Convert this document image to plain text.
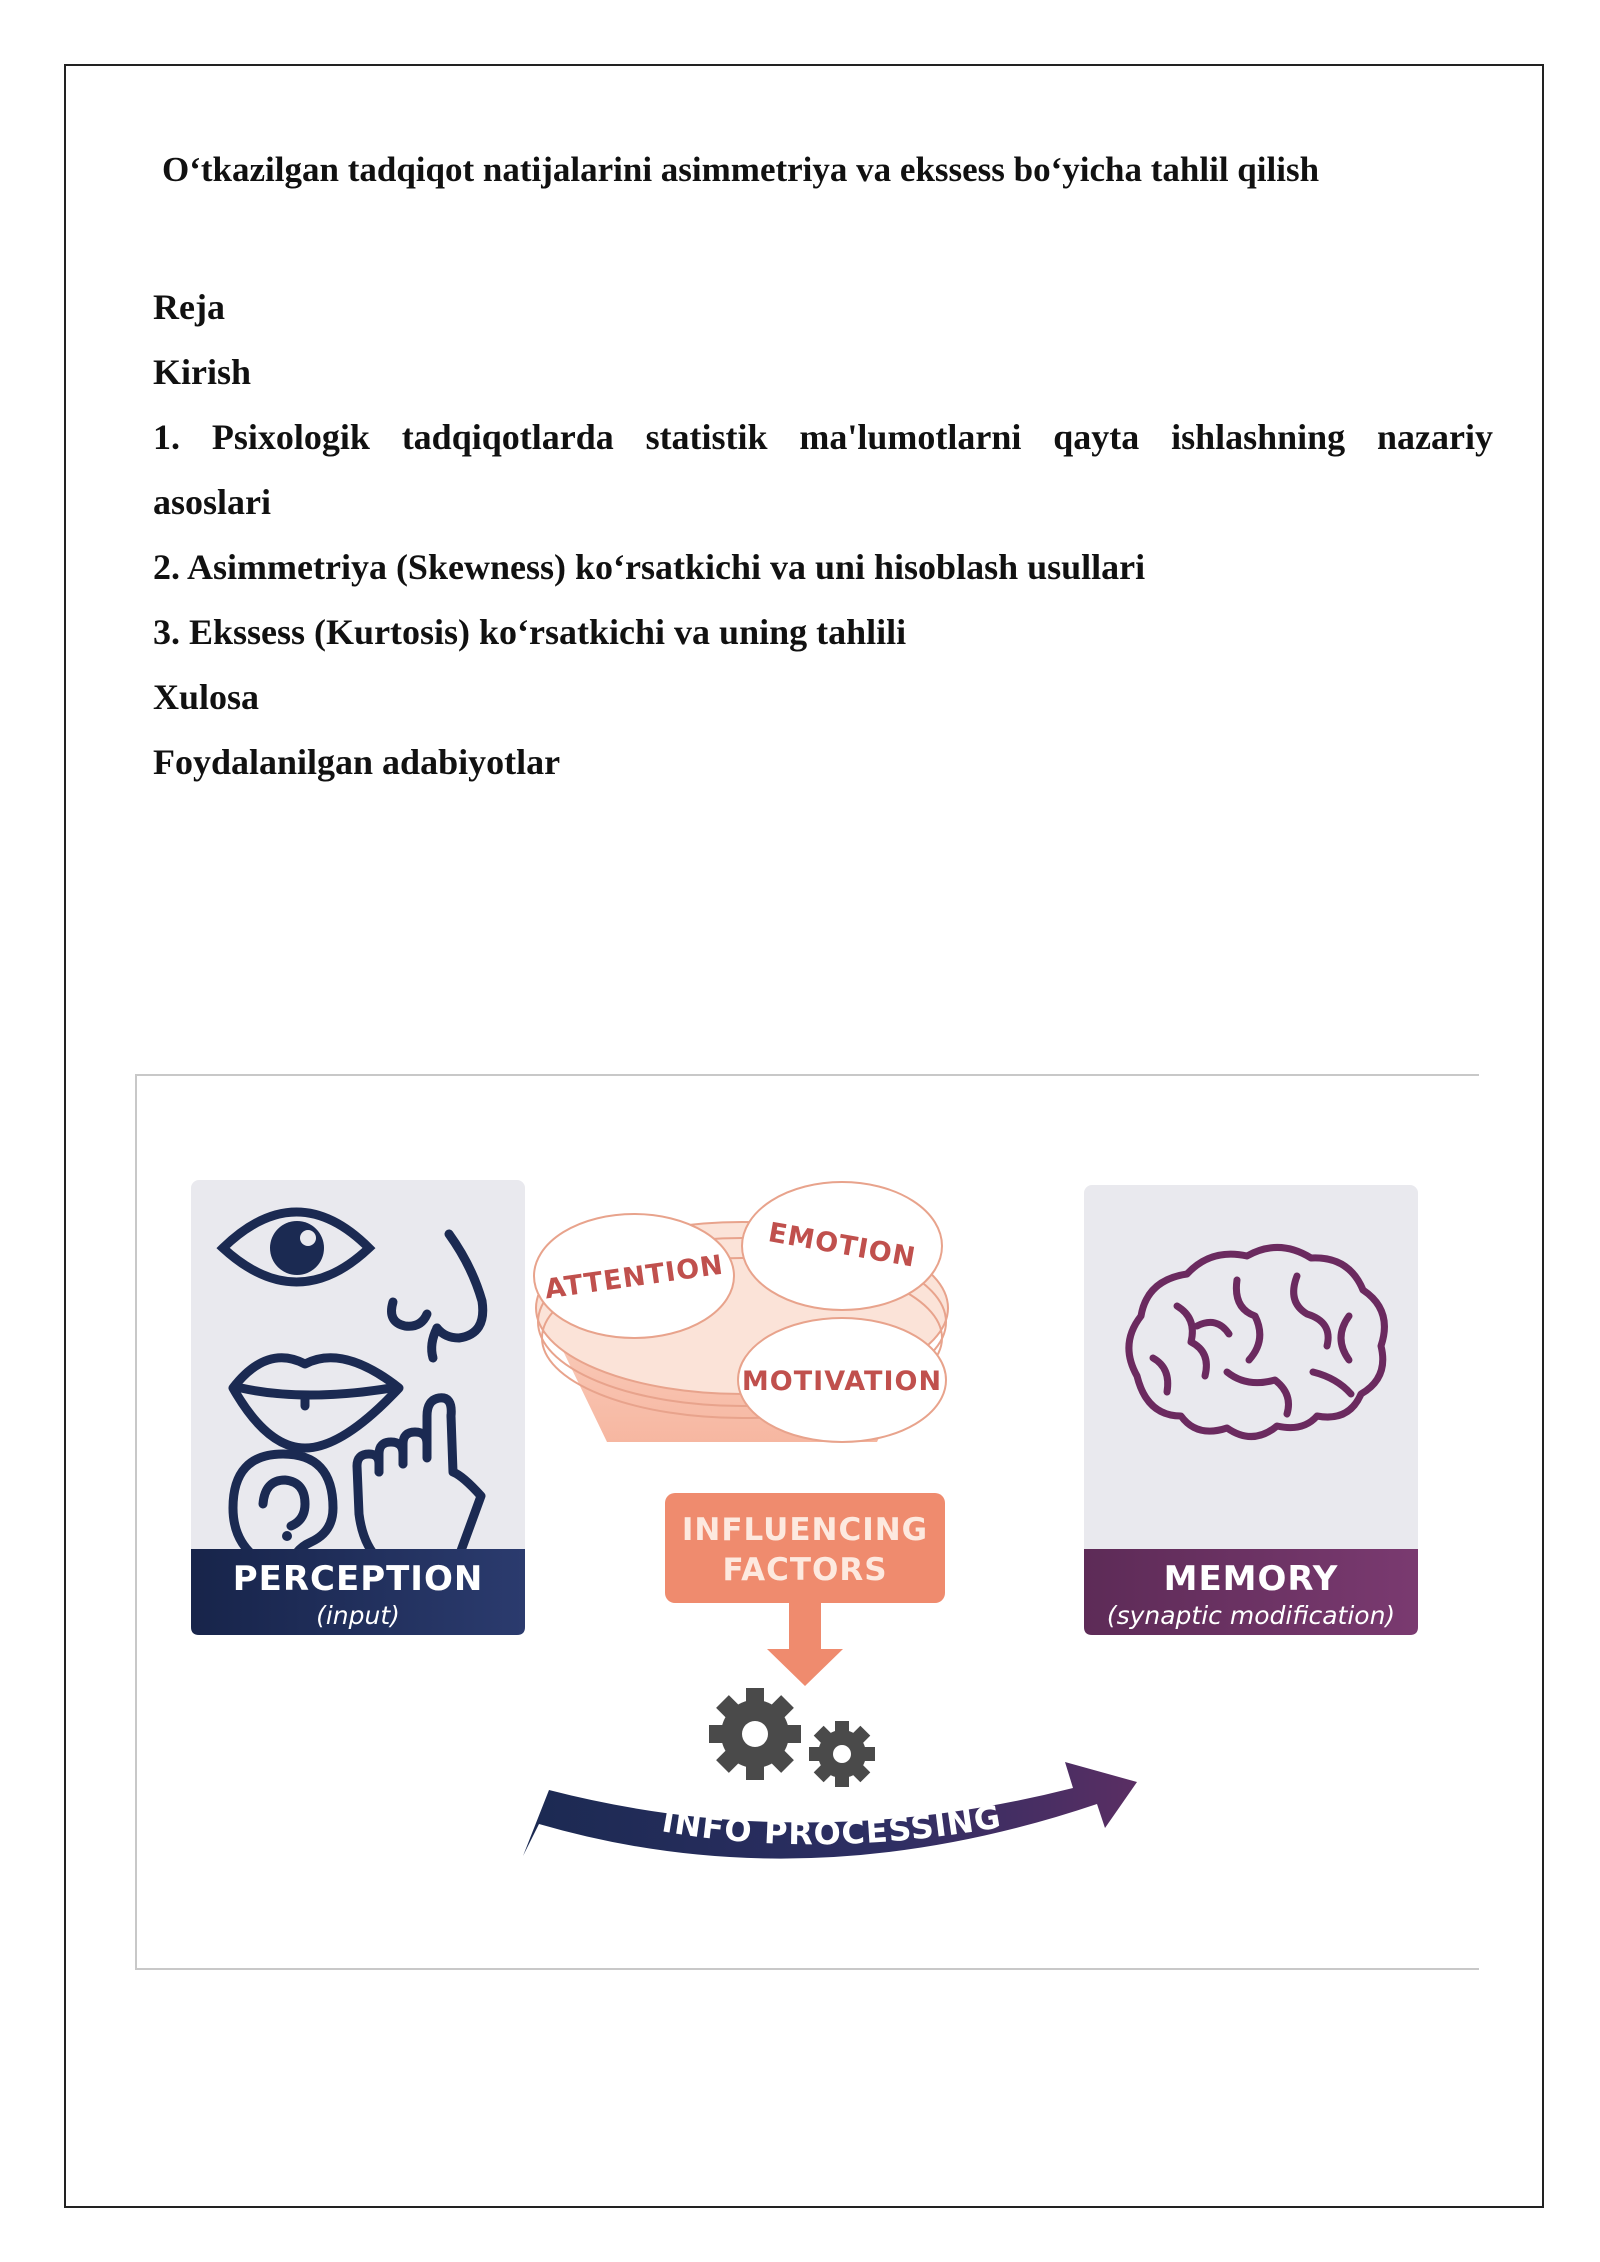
O‘tkazilgan tadqiqot natijalarini asimmetriya va ekssess bo‘yicha tahlil qilish
Reja
Kirish
1. Psixologik tadqiqotlarda statistik ma'lumotlarni qayta ishlashning nazariy
asoslari
2. Asimmetriya (Skewness) ko‘rsatkichi va uni hisoblash usullari
3. Ekssess (Kurtosis) ko‘rsatkichi va uning tahlili
Xulosa
Foydalanilgan adabiyotlar
PERCEPTION
(input)
ATTENTION
EMOTION
MOTIVATION
INFLUENCING
FACTORS
INFO PROCESSING
MEMORY
(synaptic modification)
